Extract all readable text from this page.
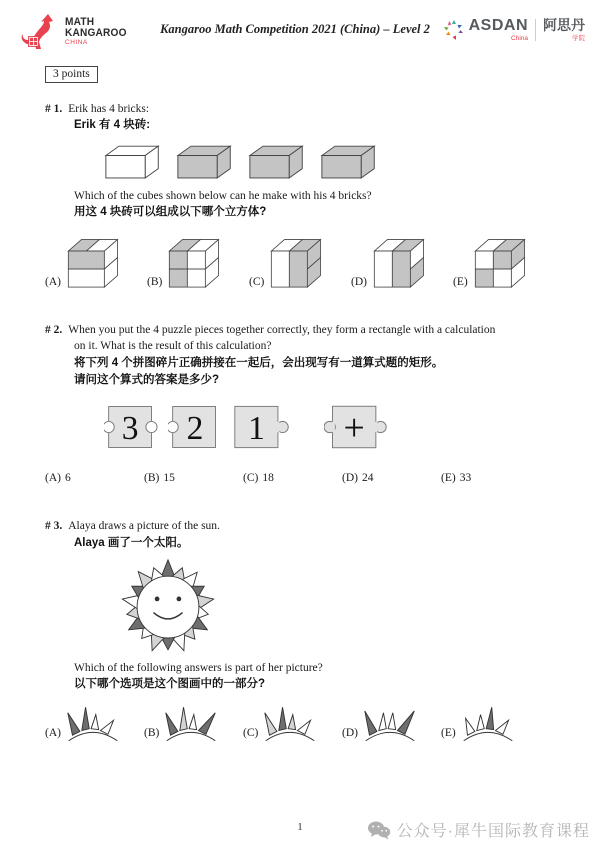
MATH
KANGAROO
CHINA
Kangaroo Math Competition 2021 (China) – Level 2	ASDAN
China
阿思丹
学院
3 points
# 1. Erik has 4 bricks:
Erik 有 4 块砖:
Which of the cubes shown below can he make with his 4 bricks?
用这 4 块砖可以组成以下哪个立方体?
(A)	(B)	(C)	(D)	(E)
# 2. When you put the 4 puzzle pieces together correctly, they form a rectangle with a calculation
on it. What is the result of this calculation?
将下列 4 个拼图碎片正确拼接在一起后，会出现写有一道算式题的矩形。
请问这个算式的答案是多少?
3 2 1 +
(A) 6	(B) 15	(C) 18	(D) 24	(E) 33
# 3. Alaya draws a picture of the sun.
Alaya 画了一个太阳。
Which of the following answers is part of her picture?
以下哪个选项是这个图画中的一部分?
(A)	(B)	(C)	(D)	(E)
1	公众号·犀牛国际教育课程
